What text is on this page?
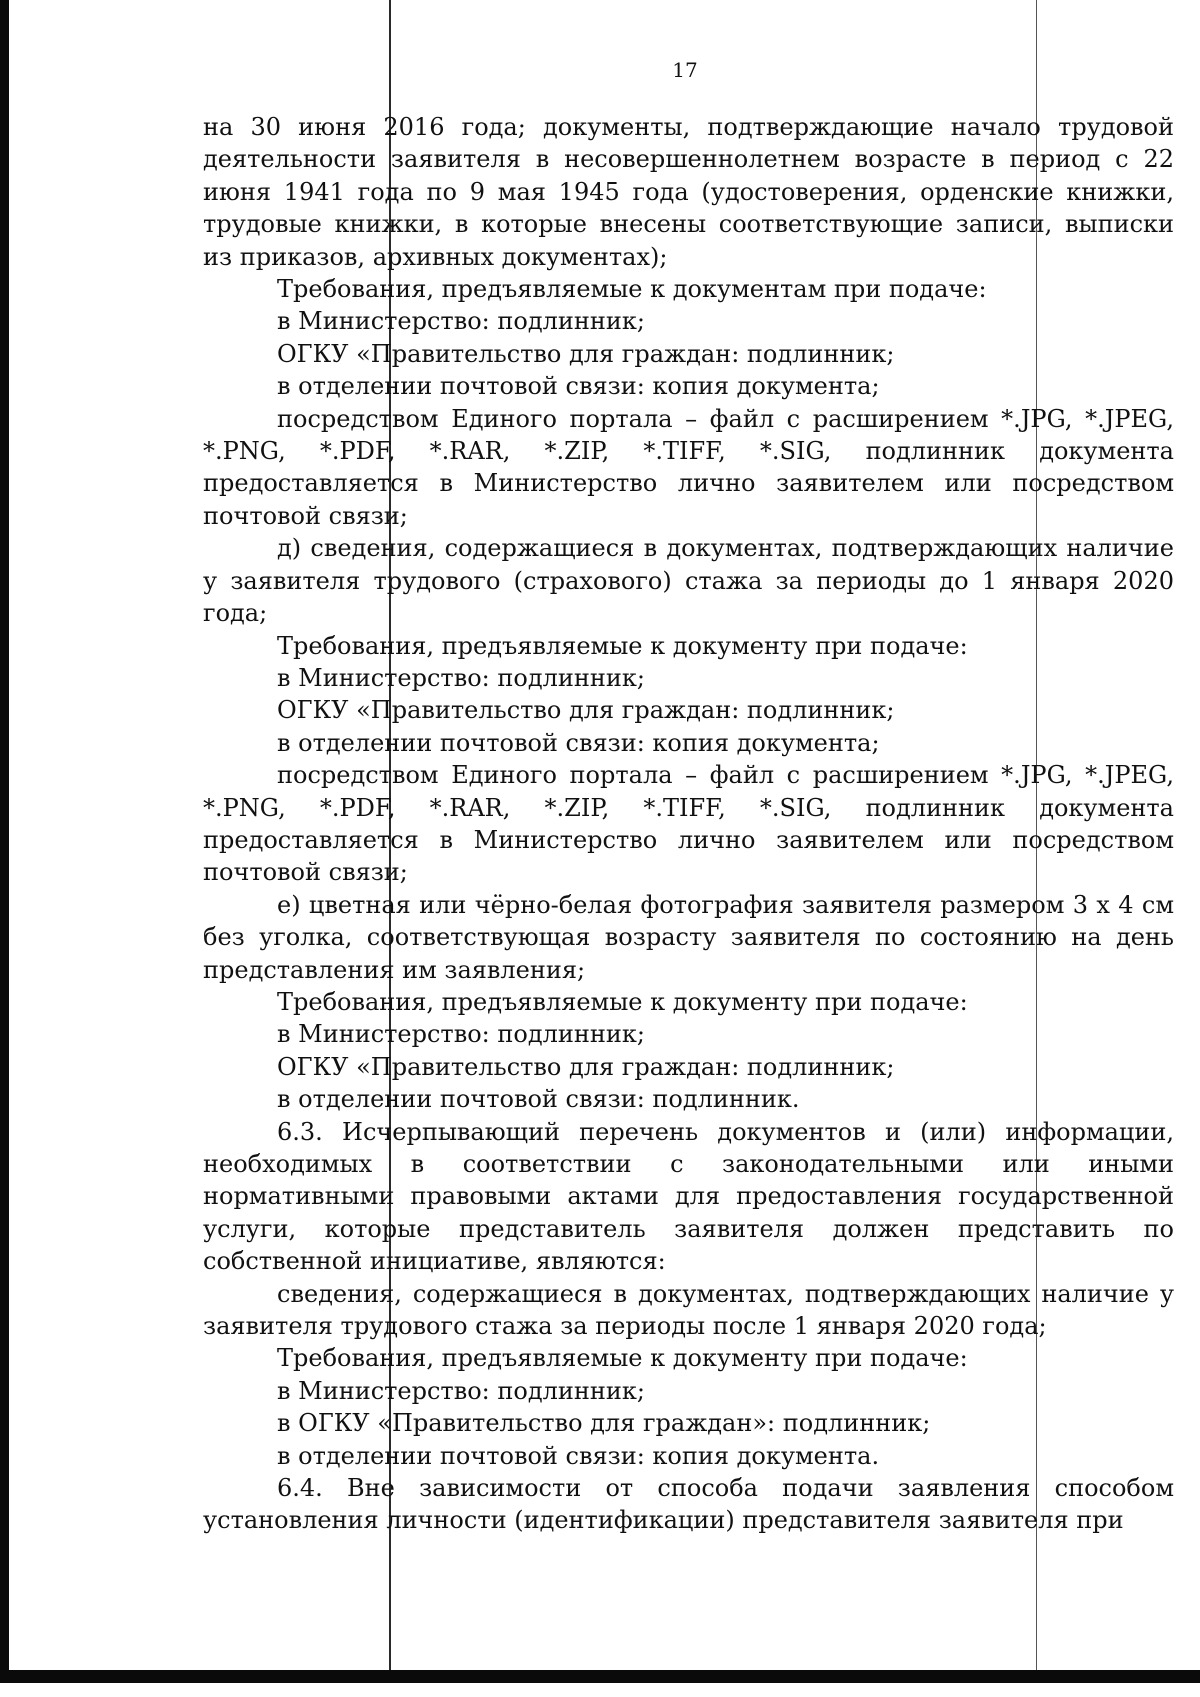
17

на 30 июня 2016 года; документы, подтверждающие начало трудовой деятельности заявителя в несовершеннолетнем возрасте в период с 22 июня 1941 года по 9 мая 1945 года (удостоверения, орденские книжки, трудовые книжки, в которые внесены соответствующие записи, выписки из приказов, архивных документах);

Требования, предъявляемые к документам при подаче:

в Министерство: подлинник;

ОГКУ «Правительство для граждан: подлинник;

в отделении почтовой связи: копия документа;

посредством Единого портала – файл с расширением *.JPG, *.JPEG, *.PNG, *.PDF, *.RAR, *.ZIP, *.TIFF, *.SIG, подлинник документа предоставляется в Министерство лично заявителем или посредством почтовой связи;

д) сведения, содержащиеся в документах, подтверждающих наличие у заявителя трудового (страхового) стажа за периоды до 1 января 2020 года;

Требования, предъявляемые к документу при подаче:

в Министерство: подлинник;

ОГКУ «Правительство для граждан: подлинник;

в отделении почтовой связи: копия документа;

посредством Единого портала – файл с расширением *.JPG, *.JPEG, *.PNG, *.PDF, *.RAR, *.ZIP, *.TIFF, *.SIG, подлинник документа предоставляется в Министерство лично заявителем или посредством почтовой связи;

е) цветная или чёрно-белая фотография заявителя размером 3 х 4 см без уголка, соответствующая возрасту заявителя по состоянию на день представления им заявления;

Требования, предъявляемые к документу при подаче:

в Министерство: подлинник;

ОГКУ «Правительство для граждан: подлинник;

в отделении почтовой связи: подлинник.

6.3. Исчерпывающий перечень документов и (или) информации, необходимых в соответствии с законодательными или иными нормативными правовыми актами для предоставления государственной услуги, которые представитель заявителя должен представить по собственной инициативе, являются:

сведения, содержащиеся в документах, подтверждающих наличие у заявителя трудового стажа за периоды после 1 января 2020 года;

Требования, предъявляемые к документу при подаче:

в Министерство: подлинник;

в ОГКУ «Правительство для граждан»: подлинник;

в отделении почтовой связи: копия документа.

6.4. Вне зависимости от способа подачи заявления способом установления личности (идентификации) представителя заявителя при
